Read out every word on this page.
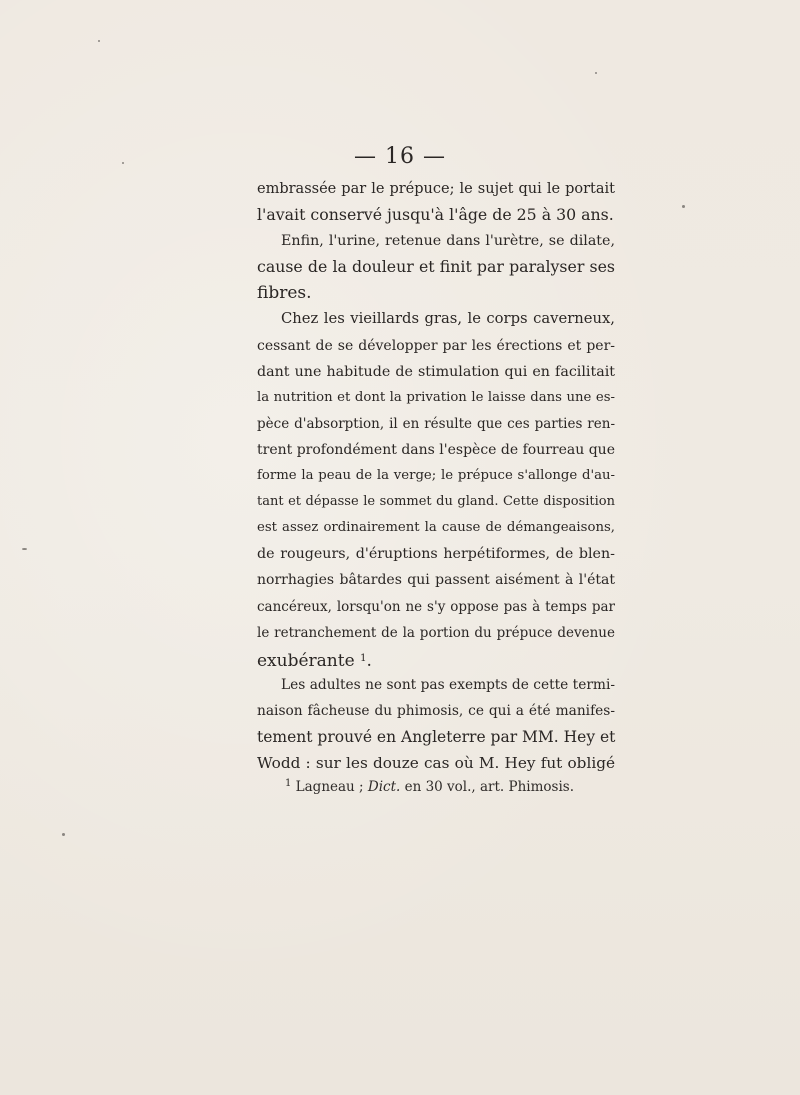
— 16 —
embrassée par le prépuce; le sujet qui le portait
l'avait conservé jusqu'à l'âge de 25 à 30 ans.
Enfin, l'urine, retenue dans l'urètre, se dilate,
cause de la douleur et finit par paralyser ses
fibres.
Chez les vieillards gras, le corps caverneux,
cessant de se développer par les érections et per-
dant une habitude de stimulation qui en facilitait
la nutrition et dont la privation le laisse dans une es-
pèce d'absorption, il en résulte que ces parties ren-
trent profondément dans l'espèce de fourreau que
forme la peau de la verge; le prépuce s'allonge d'au-
tant et dépasse le sommet du gland. Cette disposition
est assez ordinairement la cause de démangeaisons,
de rougeurs, d'éruptions herpétiformes, de blen-
norrhagies bâtardes qui passent aisément à l'état
cancéreux, lorsqu'on ne s'y oppose pas à temps par
le retranchement de la portion du prépuce devenue
exubérante $^1$.
Les adultes ne sont pas exempts de cette termi-
naison fâcheuse du phimosis, ce qui a été manifes-
tement prouvé en Angleterre par MM. Hey et
Wodd : sur les douze cas où M. Hey fut obligé
$^1$ Lagneau ; Dict. en 30 vol., art. Phimosis.
